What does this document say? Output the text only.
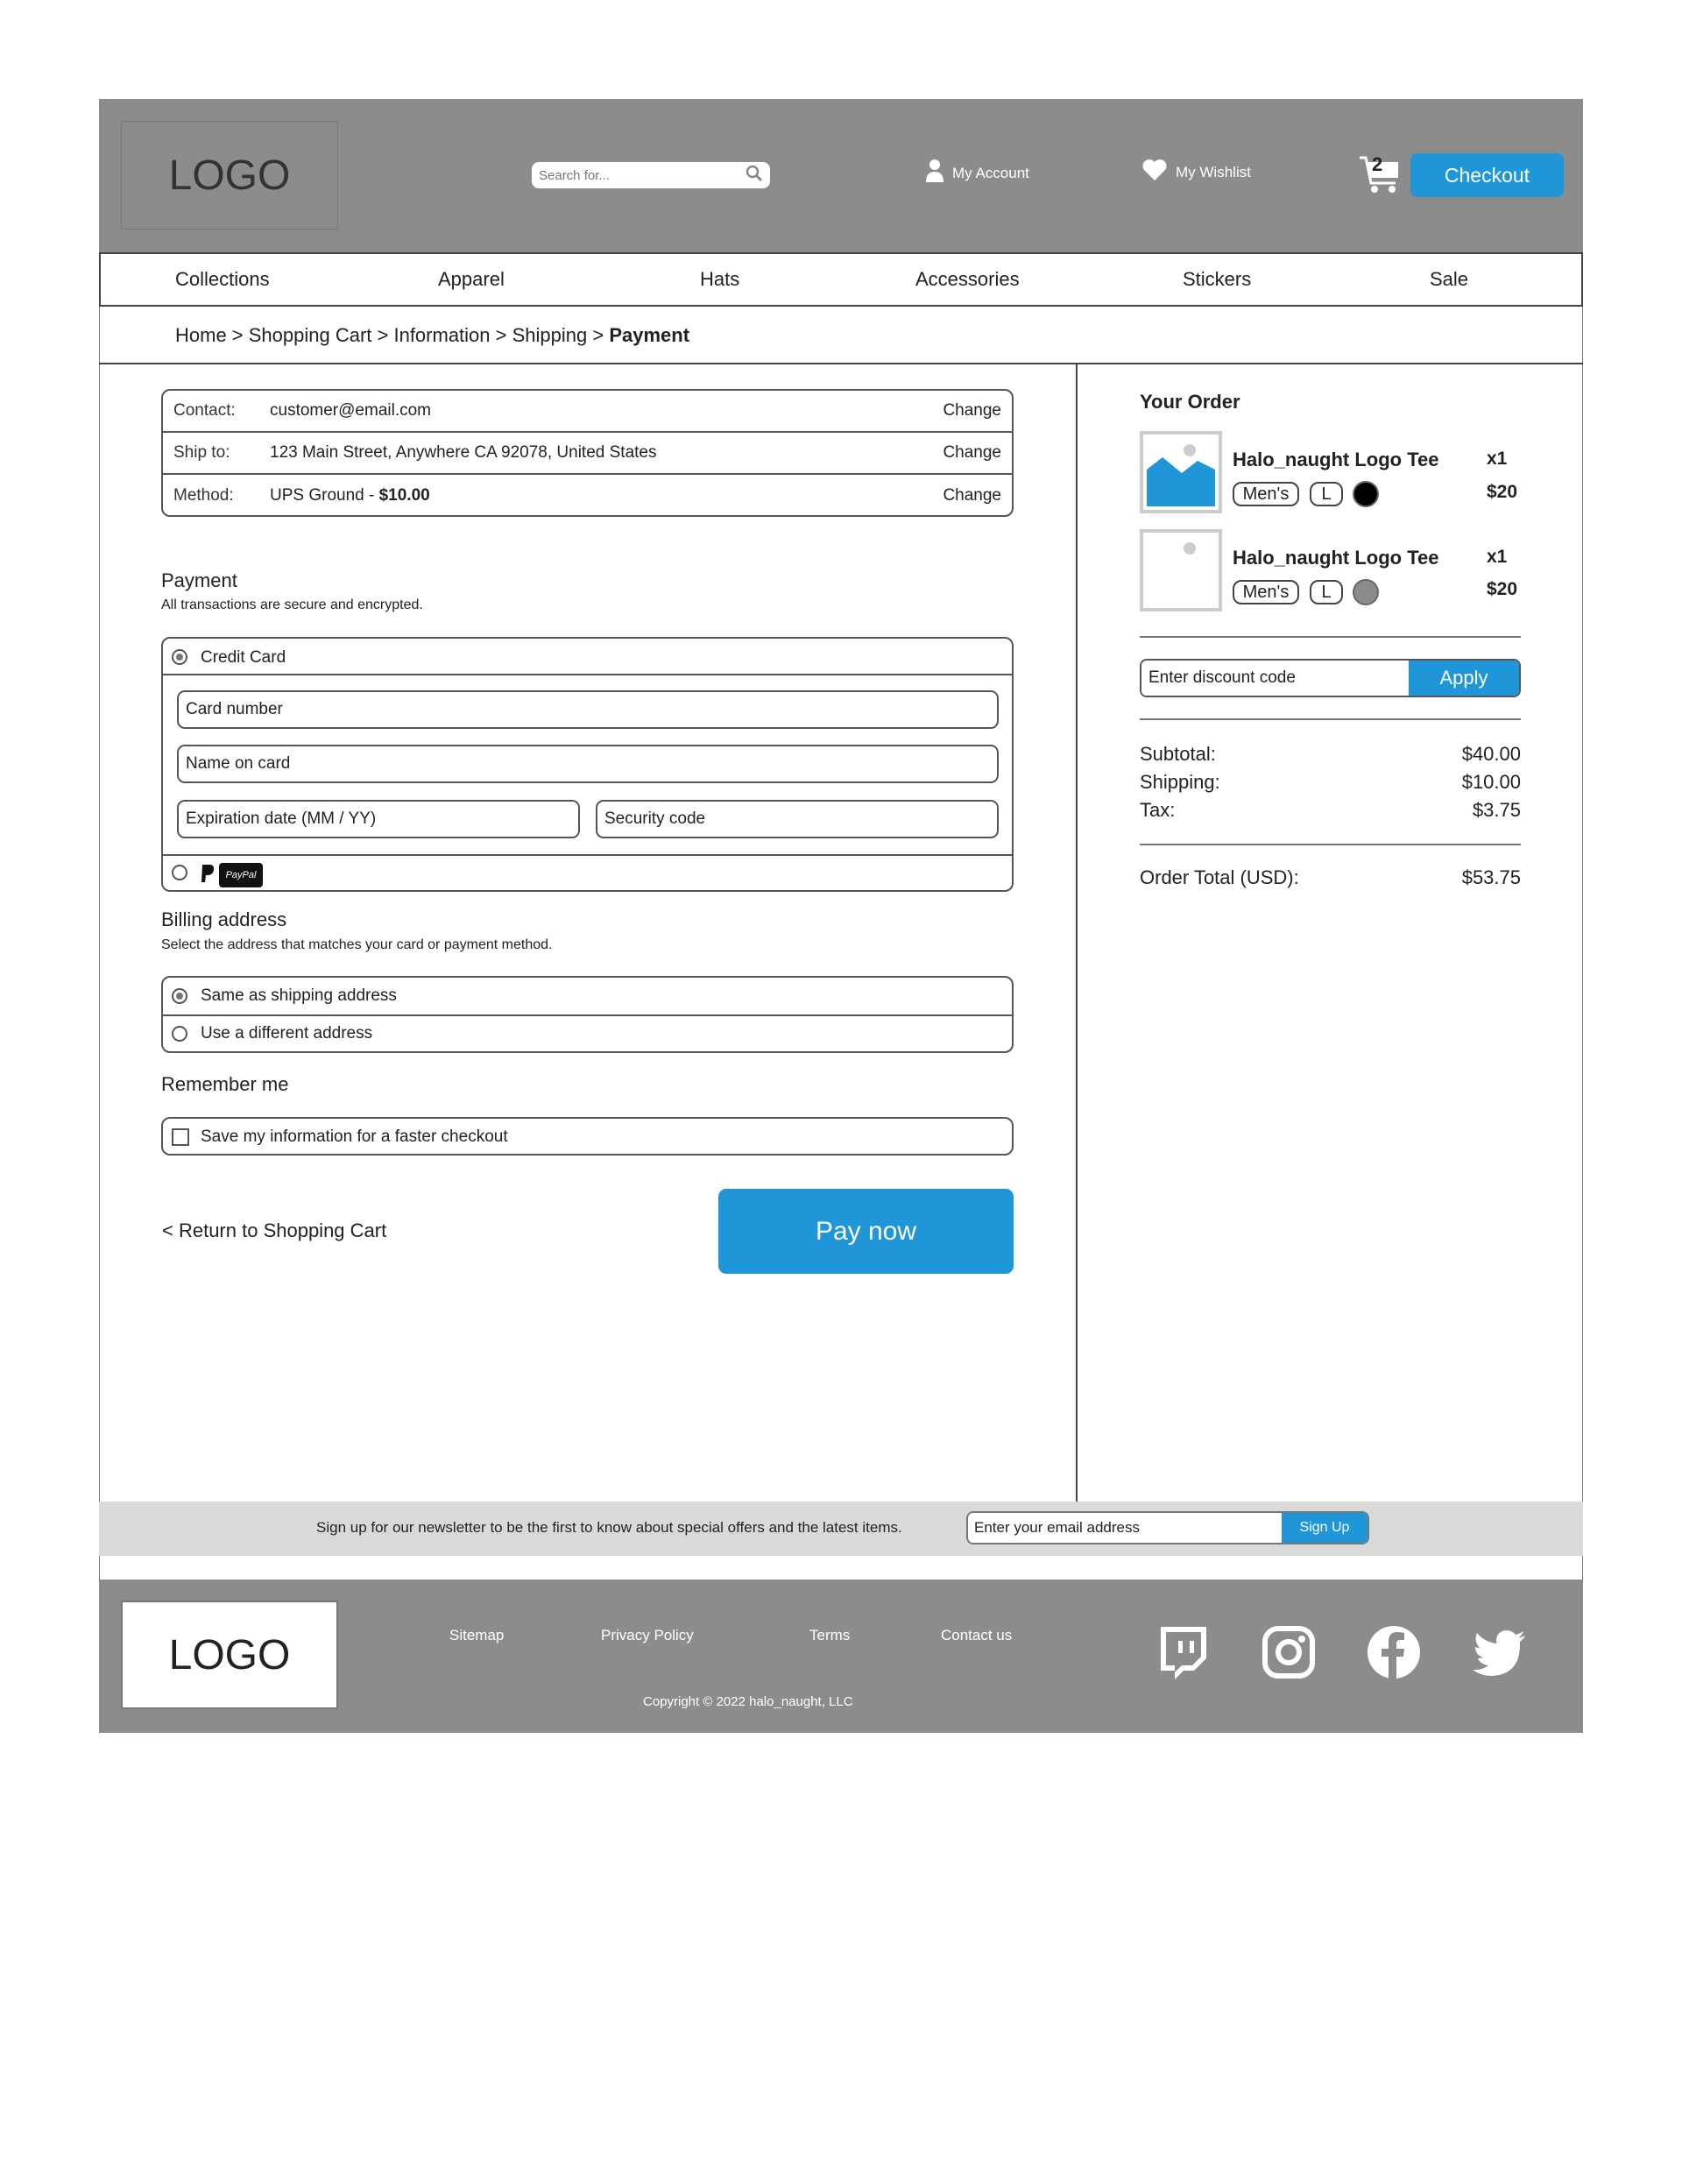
LOGO
Search for...	My Account	My Wishlist	2	Checkout
Collections	Apparel	Hats	Accessories	Stickers	Sale
Home > Shopping Cart > Information > Shipping > Payment
Contact: customer@email.com	Change
Ship to: 123 Main Street, Anywhere CA 92078, United States	Change
Method: UPS Ground - $10.00	Change
Payment
All transactions are secure and encrypted.
Credit Card
Card number
Name on card
Expiration date (MM / YY)
Security code
PayPal
Billing address
Select the address that matches your card or payment method.
Same as shipping address
Use a different address
Remember me
Save my information for a faster checkout
< Return to Shopping Cart	Pay now
Your Order
Halo_naught Logo Tee	x1
$20
Men's	L
Halo_naught Logo Tee	x1
$20
Men's	L
Enter discount code
Apply
Subtotal:	$40.00
Shipping:	$10.00
Tax:	$3.75
Order Total (USD):	$53.75
Sign up for our newsletter to be the first to know about special offers and the latest items.
Enter your email address	Sign Up
LOGO	Sitemap	Privacy Policy	Terms	Contact us
Copyright © 2022 halo_naught, LLC
